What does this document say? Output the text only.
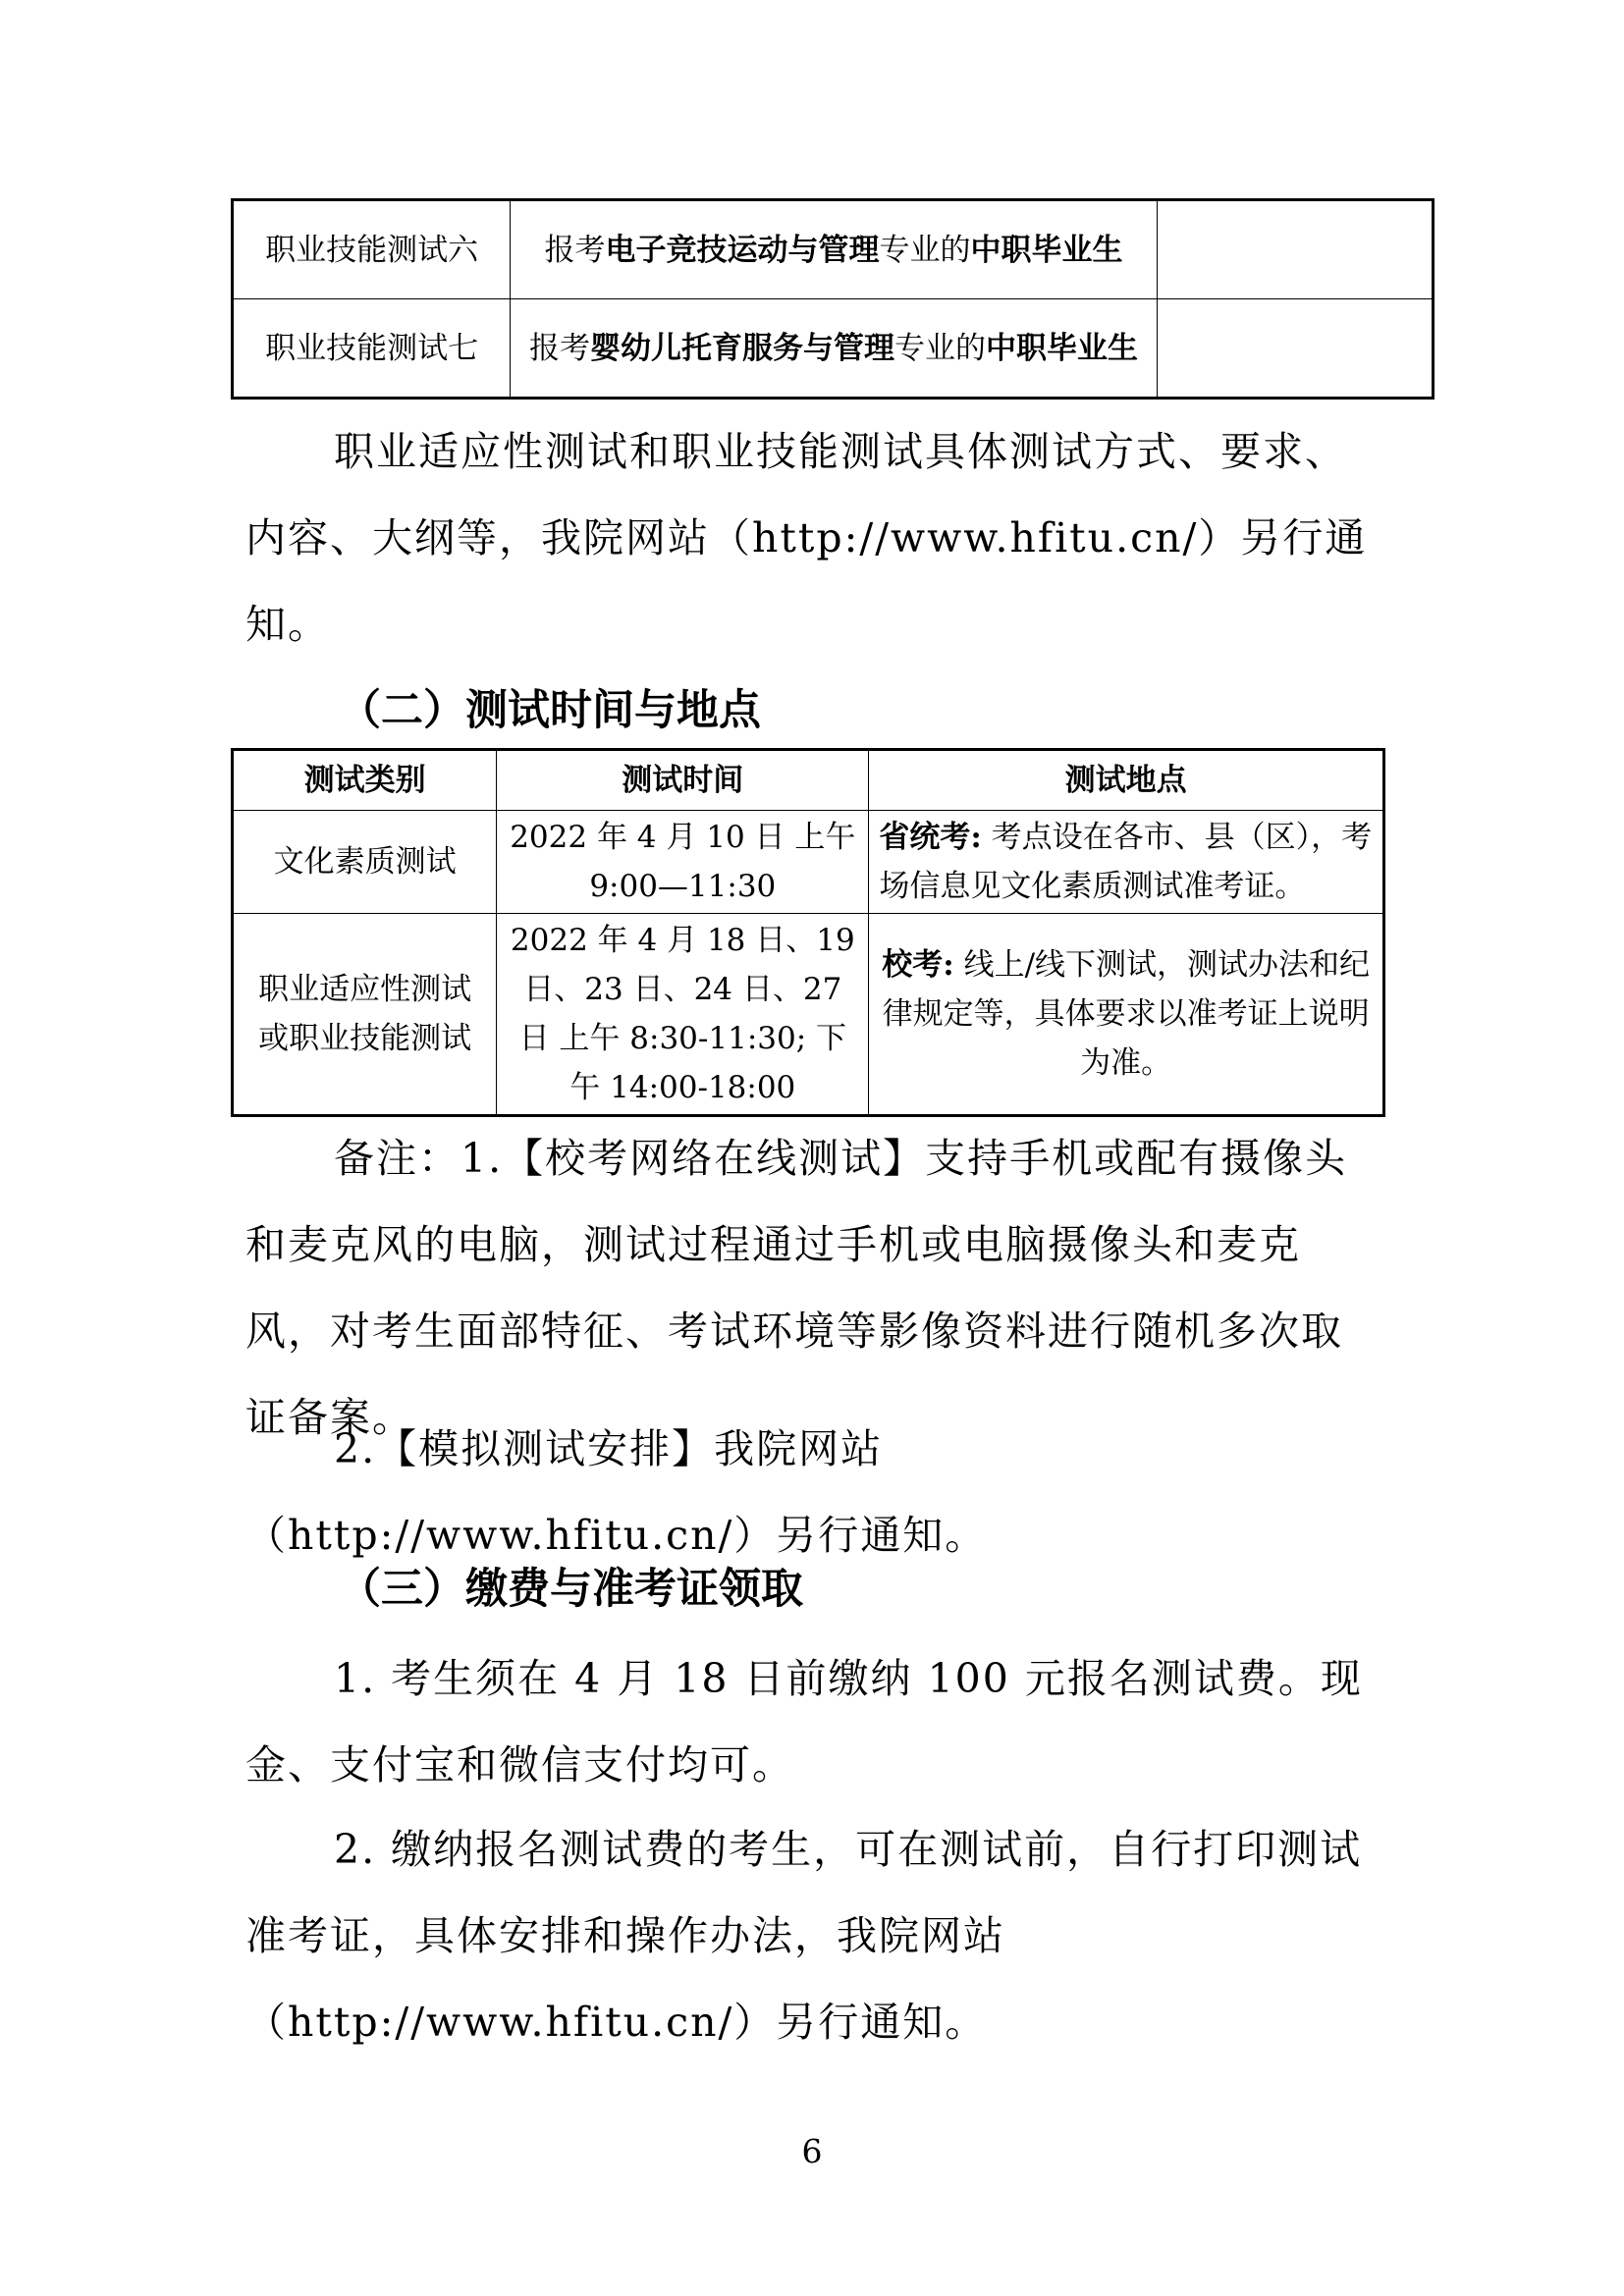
职业技能测试六	报考电子竞技运动与管理专业的中职毕业生	
职业技能测试七	报考婴幼儿托育服务与管理专业的中职毕业生	
职业适应性测试和职业技能测试具体测试方式、要求、内容、大纲等，我院网站（http://www.hfitu.cn/）另行通知。
（二）测试时间与地点
测试类别	测试时间	测试地点
文化素质测试	2022 年 4 月 10 日 上午 9:00—11:30	省统考: 考点设在各市、县（区），考场信息见文化素质测试准考证。
职业适应性测试或职业技能测试	2022 年 4 月 18 日、19 日、23 日、24 日、27 日 上午 8:30-11:30; 下午 14:00-18:00	校考: 线上/线下测试，测试办法和纪律规定等，具体要求以准考证上说明为准。
备注：1.【校考网络在线测试】支持手机或配有摄像头和麦克风的电脑，测试过程通过手机或电脑摄像头和麦克风，对考生面部特征、考试环境等影像资料进行随机多次取证备案。
2.【模拟测试安排】我院网站（http://www.hfitu.cn/）另行通知。
（三）缴费与准考证领取
1. 考生须在 4 月 18 日前缴纳 100 元报名测试费。现金、支付宝和微信支付均可。
2. 缴纳报名测试费的考生，可在测试前，自行打印测试准考证，具体安排和操作办法，我院网站（http://www.hfitu.cn/）另行通知。
6
